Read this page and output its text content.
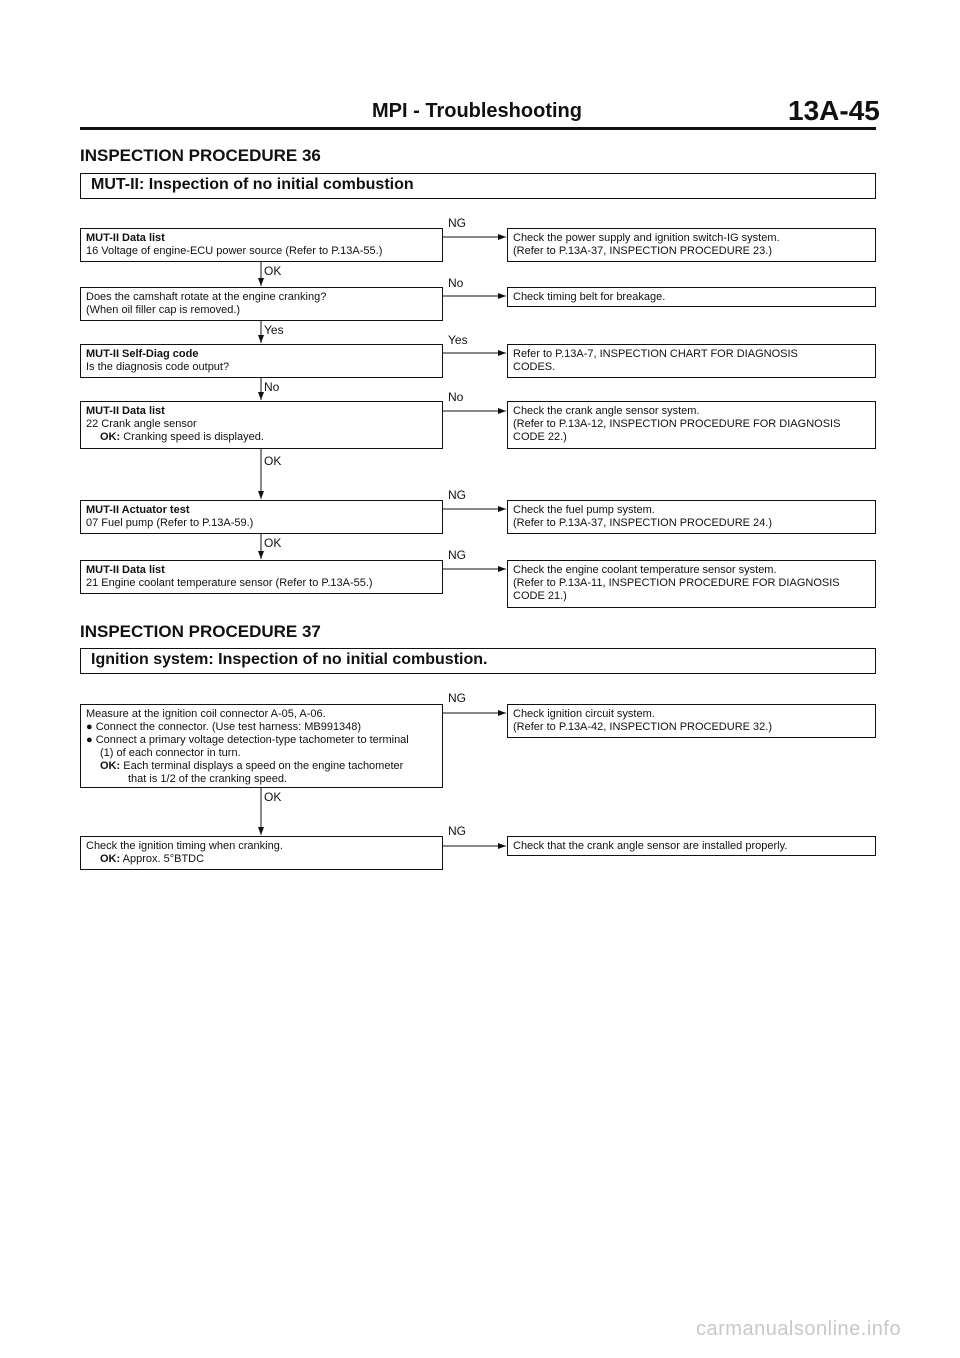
MPI - Troubleshooting	13A-45
INSPECTION PROCEDURE 36
MUT-II: Inspection of no initial combustion
MUT-II Data list
16 Voltage of engine-ECU power source (Refer to P.13A-55.)
Does the camshaft rotate at the engine cranking?
(When oil filler cap is removed.)
MUT-II Self-Diag code
Is the diagnosis code output?
MUT-II Data list
22 Crank angle sensor

OK: Cranking speed is displayed.
MUT-II Actuator test
07 Fuel pump (Refer to P.13A-59.)
MUT-II Data list
21 Engine coolant temperature sensor (Refer to P.13A-55.)
Check the power supply and ignition switch-IG system.
(Refer to P.13A-37, INSPECTION PROCEDURE 23.)
Check timing belt for breakage.
Refer to P.13A-7, INSPECTION CHART FOR DIAGNOSIS
CODES.
Check the crank angle sensor system.
(Refer to P.13A-12, INSPECTION PROCEDURE FOR DIAGNOSIS
CODE 22.)
Check the fuel pump system.
(Refer to P.13A-37, INSPECTION PROCEDURE 24.)
Check the engine coolant temperature sensor system.
(Refer to P.13A-11, INSPECTION PROCEDURE FOR DIAGNOSIS
CODE 21.)
NG
No
Yes
No
NG
NG
OK
Yes
No
OK
OK
INSPECTION PROCEDURE 37
Ignition system: Inspection of no initial combustion.
Measure at the ignition coil connector A-05, A-06.
● Connect the connector. (Use test harness: MB991348)
● Connect a primary voltage detection-type tachometer to terminal
(1) of each connector in turn.
OK: Each terminal displays a speed on the engine tachometer
that is 1/2 of the cranking speed.
Check ignition circuit system.
(Refer to P.13A-42, INSPECTION PROCEDURE 32.)
NG
OK
Check the ignition timing when cranking.

OK: Approx. 5°BTDC
Check that the crank angle sensor are installed properly.
NG
carmanualsonline.info
